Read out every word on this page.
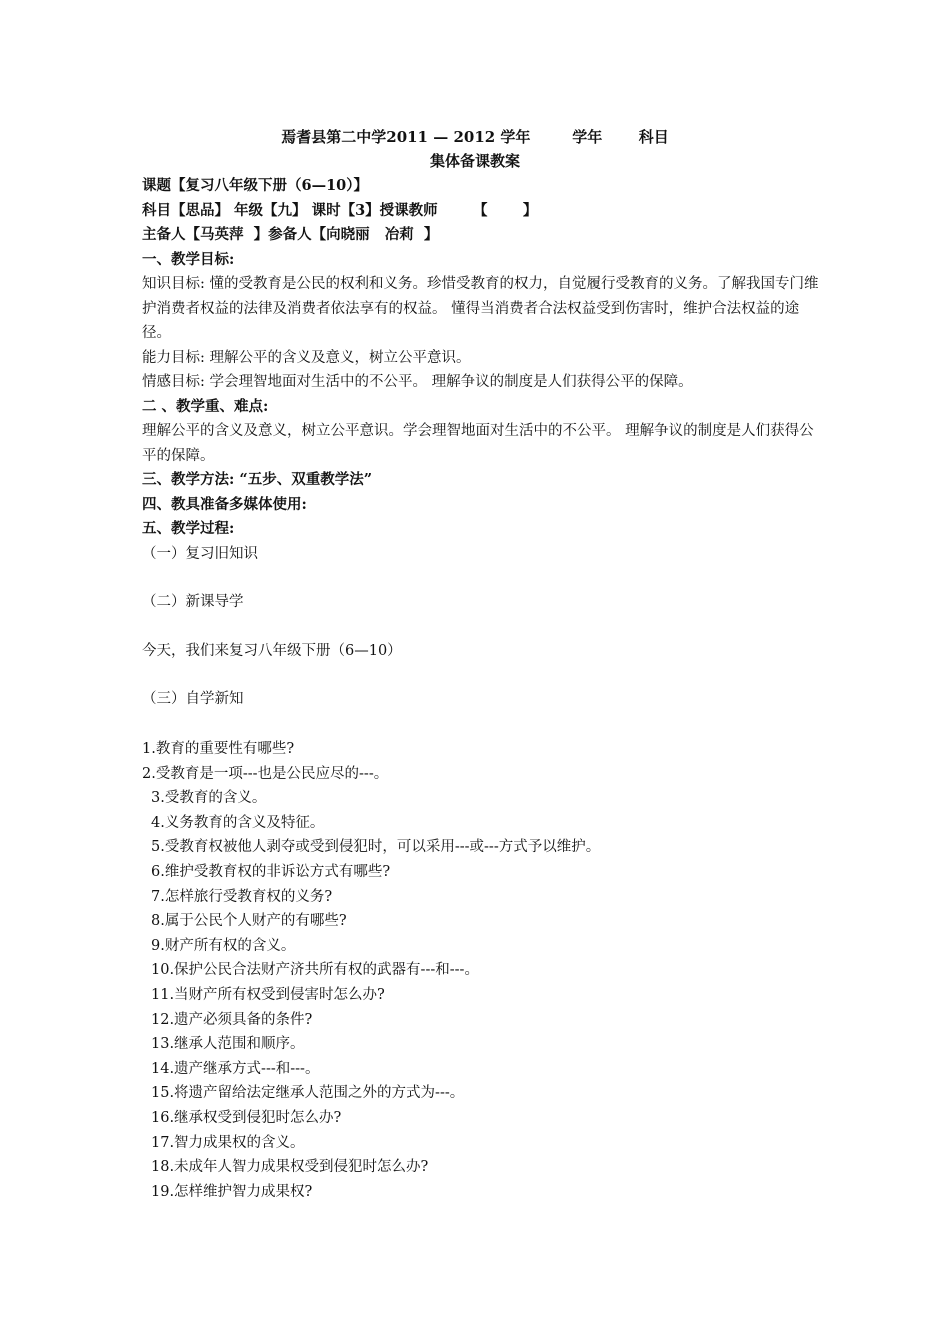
焉耆县第二中学2011 — 2012 学年        学年       科目
集体备课教案
课题【复习八年级下册（6—10）】
科目【思品】 年级【九】 课时【3】授课教师       【       】
主备人【马英萍  】参备人【向晓丽   冶莉  】
一、教学目标:
知识目标: 懂的受教育是公民的权利和义务。珍惜受教育的权力，自觉履行受教育的义务。了解我国专门维护消费者权益的法律及消费者依法享有的权益。 懂得当消费者合法权益受到伤害时，维护合法权益的途径。
能力目标: 理解公平的含义及意义，树立公平意识。
情感目标: 学会理智地面对生活中的不公平。 理解争议的制度是人们获得公平的保障。
二 、教学重、难点:
理解公平的含义及意义，树立公平意识。学会理智地面对生活中的不公平。 理解争议的制度是人们获得公平的保障。
三、教学方法: “五步、双重教学法”
四、教具准备多媒体使用:
五、教学过程:
（一）复习旧知识
（二）新课导学
今天，我们来复习八年级下册（6—10）
（三）自学新知
1.教育的重要性有哪些?
2.受教育是一项---也是公民应尽的---。
3.受教育的含义。
4.义务教育的含义及特征。
5.受教育权被他人剥夺或受到侵犯时，可以采用---或---方式予以维护。
6.维护受教育权的非诉讼方式有哪些?
7.怎样旅行受教育权的义务?
8.属于公民个人财产的有哪些?
9.财产所有权的含义。
10.保护公民合法财产济共所有权的武器有---和---。
11.当财产所有权受到侵害时怎么办?
12.遗产必须具备的条件?
13.继承人范围和顺序。
14.遗产继承方式---和---。
15.将遗产留给法定继承人范围之外的方式为---。
16.继承权受到侵犯时怎么办?
17.智力成果权的含义。
18.未成年人智力成果权受到侵犯时怎么办?
19.怎样维护智力成果权?
